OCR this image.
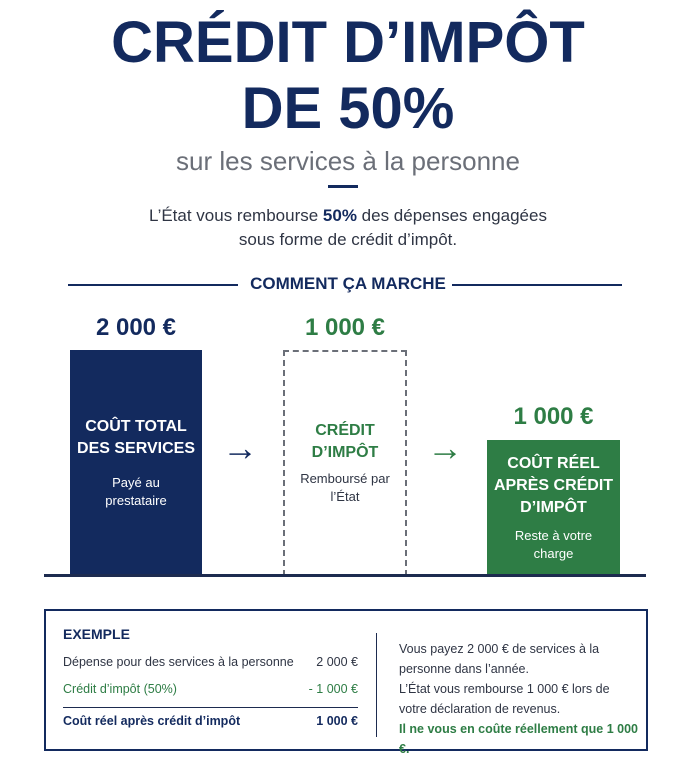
CRÉDIT D’IMPÔT
DE 50%
sur les services à la personne
L’État vous rembourse 50% des dépenses engagées
sous forme de crédit d’impôt.
COMMENT ÇA MARCHE
2 000 €
COÛT TOTAL
DES SERVICES
Payé au
prestataire
→
1 000 €
CRÉDIT
D’IMPÔT
Remboursé par
l’État
→
1 000 €
COÛT RÉEL
APRÈS CRÉDIT
D’IMPÔT
Reste à votre
charge
EXEMPLE
Dépense pour des services à la personne 2 000 €
Crédit d’impôt (50%)	- 1 000 €
Coût réel après crédit d’impôt	1 000 €
Vous payez 2 000 € de services à la
personne dans l’année.
L’État vous rembourse 1 000 € lors de
votre déclaration de revenus.
Il ne vous en coûte réellement que 1 000 €.
